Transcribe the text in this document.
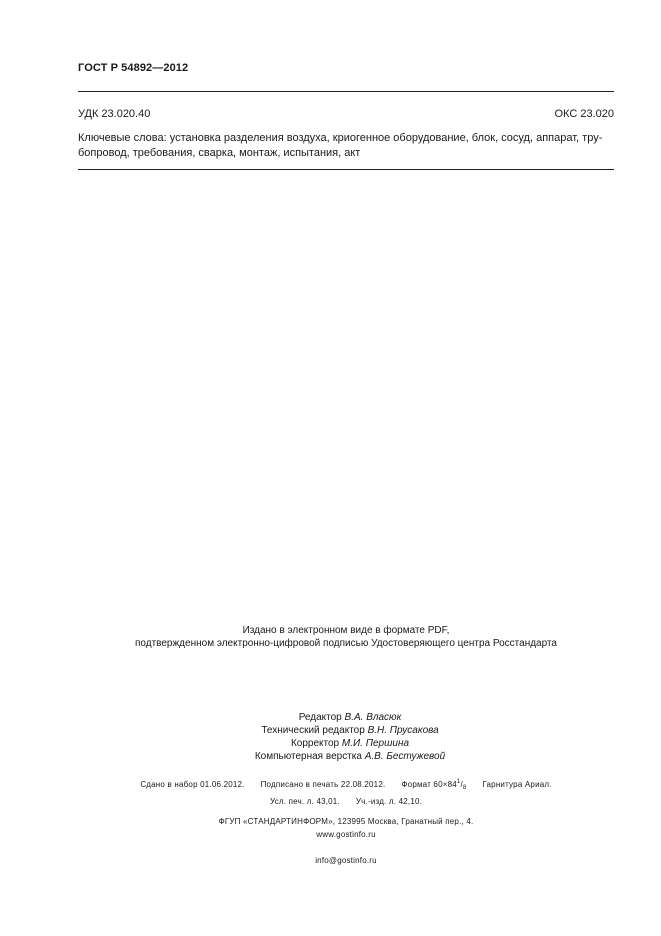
ГОСТ Р 54892—2012
УДК 23.020.40	ОКС 23.020
Ключевые слова: установка разделения воздуха, криогенное оборудование, блок, сосуд, аппарат, тру-
бопровод, требования, сварка, монтаж, испытания, акт
Издано в электронном виде в формате PDF,
подтвержденном электронно-цифровой подписью Удостоверяющего центра Росстандарта
Редактор В.А. Власюк
Технический редактор В.Н. Прусакова
Корректор М.И. Першина
Компьютерная верстка А.В. Бестужевой
Сдано в набор 01.06.2012. Подписано в печать 22.08.2012. Формат $60\times 84^1/_8$ Гарнитура Ариал.
Усл. печ. л. 43,01. Уч.-изд. л. 42,10.
ФГУП «СТАНДАРТИНФОРМ», 123995 Москва, Гранатный пер., 4.
www.gostinfo.ru
info@gostinfo.ru
